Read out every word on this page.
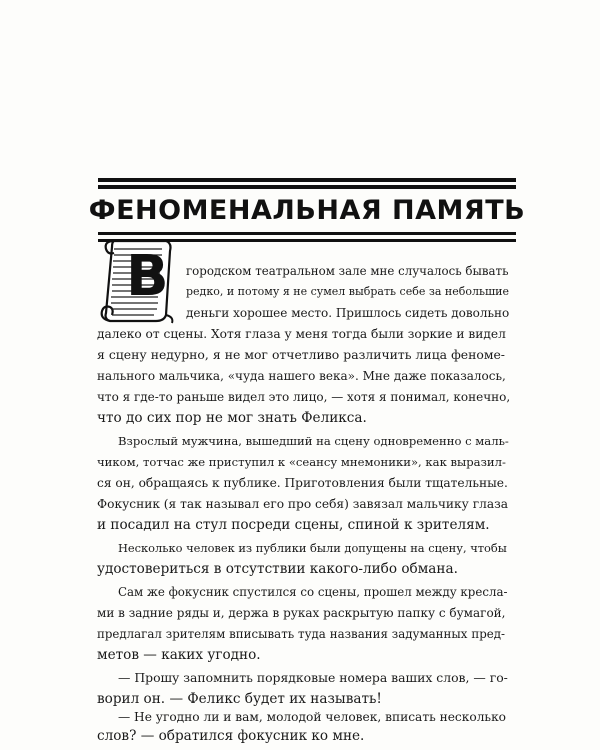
ФЕНОМЕНАЛЬНАЯ ПАМЯТЬ
В городском театральном зале мне случалось бывать
редко, и потому я не сумел выбрать себе за небольшие
деньги хорошее место. Пришлось сидеть довольно
далеко от сцены. Хотя глаза у меня тогда были зоркие и видел
я сцену недурно, я не мог отчетливо различить лица феноме-
нального мальчика, «чуда нашего века». Мне даже показалось,
что я где-то раньше видел это лицо, — хотя я понимал, конечно,
что до сих пор не мог знать Феликса.
Взрослый мужчина, вышедший на сцену одновременно с маль-
чиком, тотчас же приступил к «сеансу мнемоники», как выразил-
ся он, обращаясь к публике. Приготовления были тщательные.
Фокусник (я так называл его про себя) завязал мальчику глаза
и посадил на стул посреди сцены, спиной к зрителям.
Несколько человек из публики были допущены на сцену, чтобы
удостовериться в отсутствии какого-либо обмана.
Сам же фокусник спустился со сцены, прошел между кресла-
ми в задние ряды и, держа в руках раскрытую папку с бумагой,
предлагал зрителям вписывать туда названия задуманных пред-
метов — каких угодно.
— Прошу запомнить порядковые номера ваших слов, — го-
ворил он. — Феликс будет их называть!
— Не угодно ли и вам, молодой человек, вписать несколько
слов? — обратился фокусник ко мне.
